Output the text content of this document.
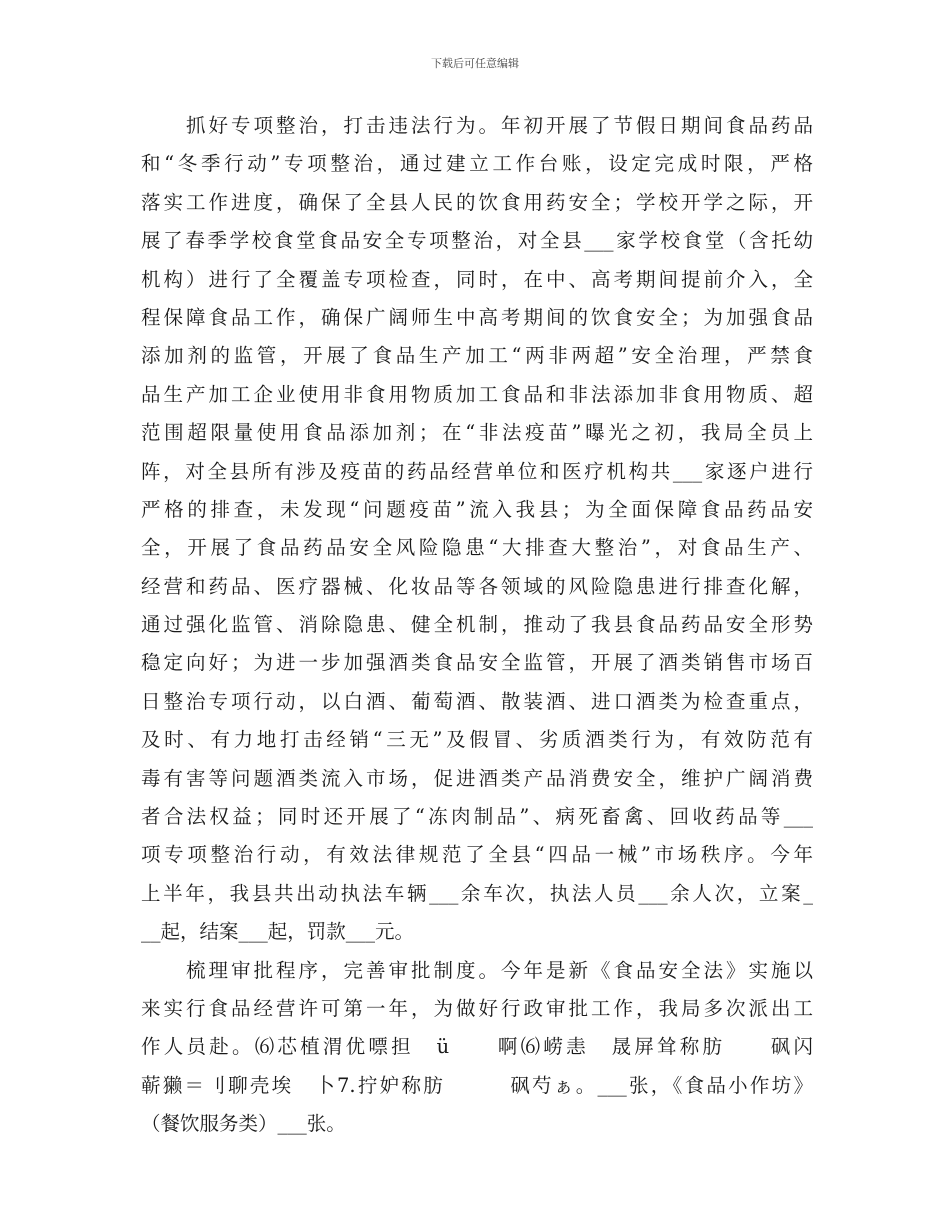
下载后可任意编辑
　　抓好专项整治，打击违法行为。年初开展了节假日期间食品药品
和“冬季行动”专项整治，通过建立工作台账，设定完成时限，严格
落实工作进度，确保了全县人民的饮食用药安全；学校开学之际，开
展了春季学校食堂食品安全专项整治，对全县___家学校食堂（含托幼
机构）进行了全覆盖专项检查，同时，在中、高考期间提前介入，全
程保障食品工作，确保广阔师生中高考期间的饮食安全；为加强食品
添加剂的监管，开展了食品生产加工“两非两超”安全治理，严禁食
品生产加工企业使用非食用物质加工食品和非法添加非食用物质、超
范围超限量使用食品添加剂；在“非法疫苗”曝光之初，我局全员上
阵，对全县所有涉及疫苗的药品经营单位和医疗机构共___家逐户进行
严格的排查，未发现“问题疫苗”流入我县；为全面保障食品药品安
全，开展了食品药品安全风险隐患“大排查大整治”，对食品生产、
经营和药品、医疗器械、化妆品等各领域的风险隐患进行排查化解，
通过强化监管、消除隐患、健全机制，推动了我县食品药品安全形势
稳定向好；为进一步加强酒类食品安全监管，开展了酒类销售市场百
日整治专项行动，以白酒、葡萄酒、散装酒、进口酒类为检查重点，
及时、有力地打击经销“三无”及假冒、劣质酒类行为，有效防范有
毒有害等问题酒类流入市场，促进酒类产品消费安全，维护广阔消费
者合法权益；同时还开展了“冻肉制品”、病死畜禽、回收药品等___
项专项整治行动，有效法律规范了全县“四品一械”市场秩序。今年
上半年，我县共出动执法车辆___余车次，执法人员___余人次，立案_
__起，结案___起，罚款___元。
　　梳理审批程序，完善审批制度。今年是新《食品安全法》实施以
来实行食品经营许可第一年，为做好行政审批工作，我局多次派出工
作人员赴。⑹芯植渭优嘌担　ü　　啊⑹崂恚　晟屏耸称肪　　砜闪
蕲獭＝刂聊壳埃　卜7.拧妒称肪　　　砜芍ぁ。___张，《食品小作坊》
（餐饮服务类）___张。
